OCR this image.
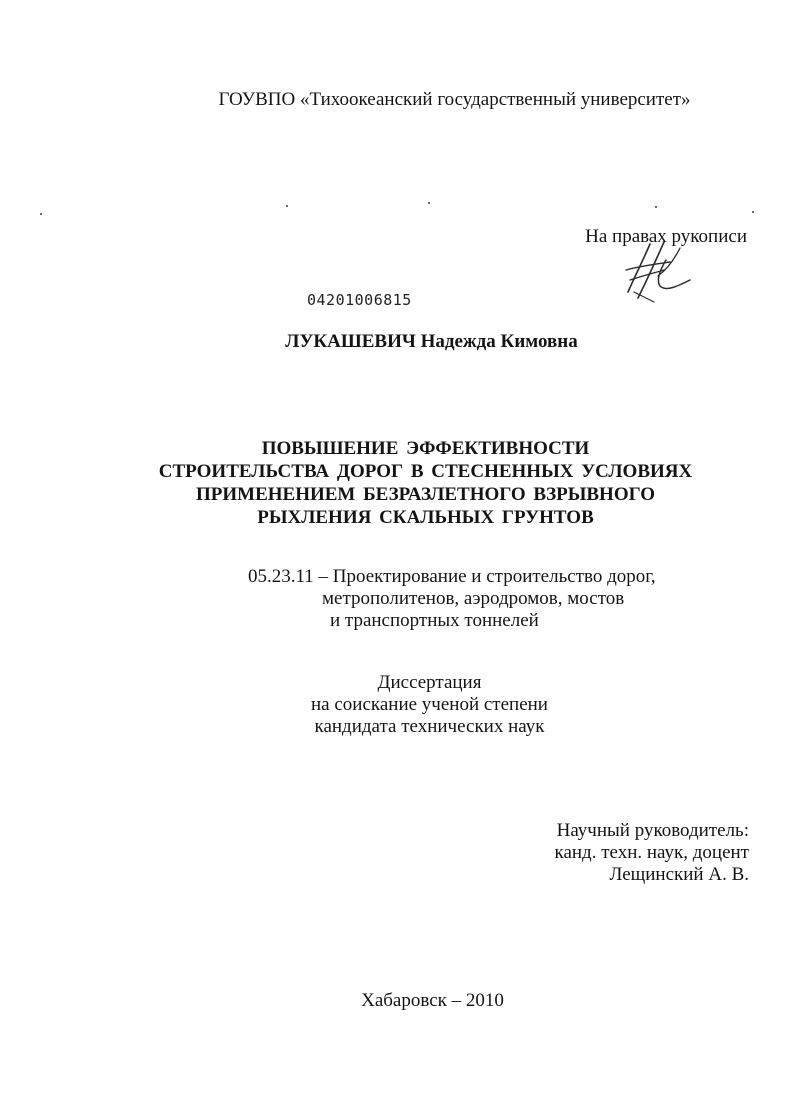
ГОУВПО «Тихоокеанский государственный университет»
На правах рукописи
04201006815
ЛУКАШЕВИЧ Надежда Кимовна
ПОВЫШЕНИЕ ЭФФЕКТИВНОСТИ
СТРОИТЕЛЬСТВА ДОРОГ В СТЕСНЕННЫХ УСЛОВИЯХ
ПРИМЕНЕНИЕМ БЕЗРАЗЛЕТНОГО ВЗРЫВНОГО
РЫХЛЕНИЯ СКАЛЬНЫХ ГРУНТОВ
05.23.11 – Проектирование и строительство дорог,
метрополитенов, аэродромов, мостов
и транспортных тоннелей
Диссертация
на соискание ученой степени
кандидата технических наук
Научный руководитель:
канд. техн. наук, доцент
Лещинский А. В.
Хабаровск – 2010
